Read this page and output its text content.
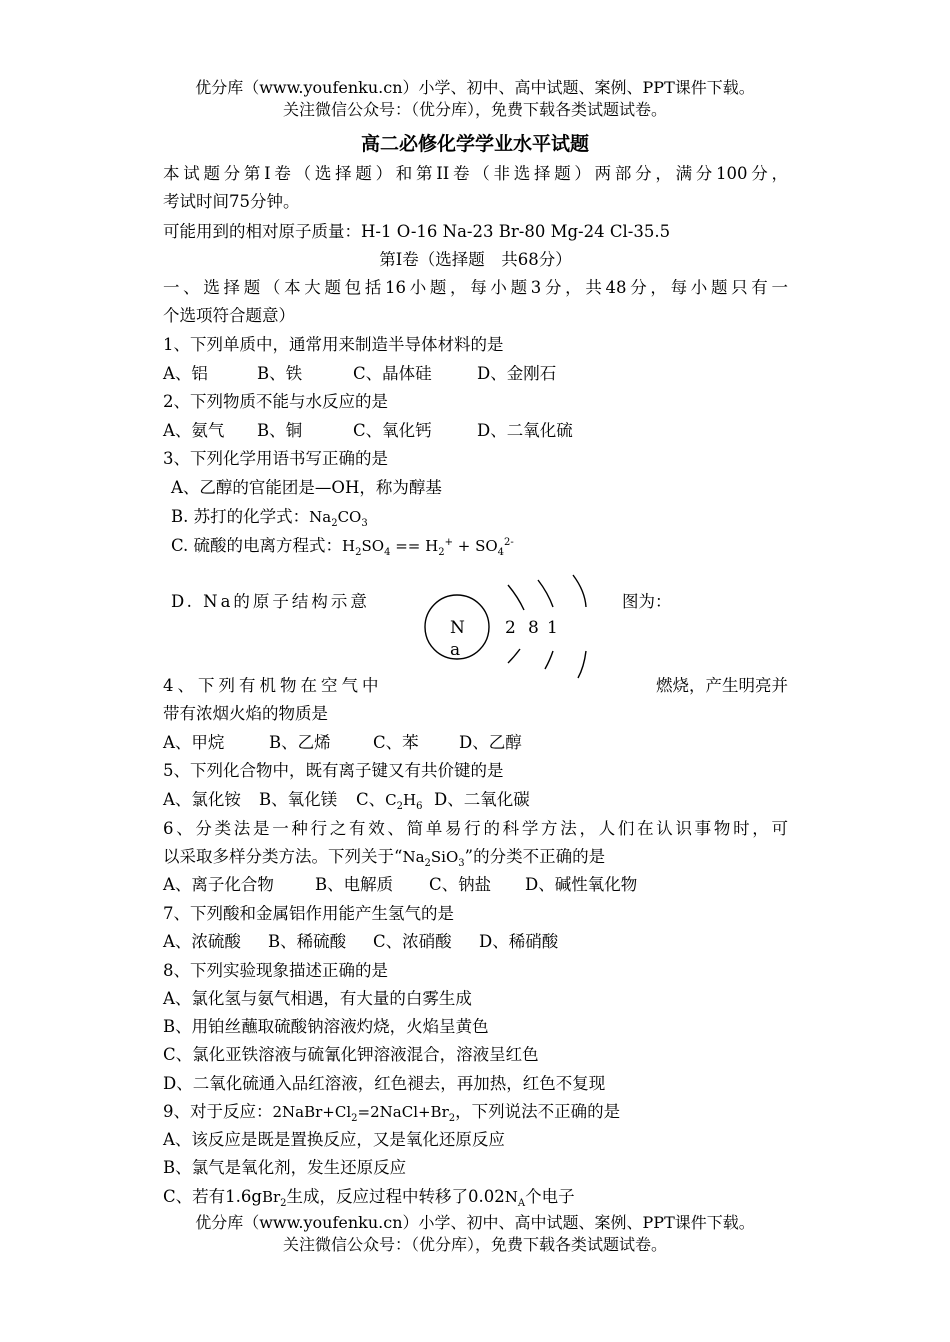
优分库（www.youfenku.cn）小学、初中、高中试题、案例、PPT课件下载。
关注微信公众号：（优分库），免费下载各类试题试卷。
高二必修化学学业水平试题
本试题分第Ⅰ卷（选择题）和第II卷（非选择题）两部分，满分100分，
考试时间75分钟。
可能用到的相对原子质量：H-1 O-16 Na-23 Br-80 Mg-24 Cl-35.5
第Ⅰ卷（选择题　共68分）
一、选择题（本大题包括16小题，每小题3分，共48分，每小题只有一
个选项符合题意）
1、下列单质中，通常用来制造半导体材料的是
A、铝	B、铁	C、晶体硅	D、金刚石
2、下列物质不能与水反应的是
A、氨气 B、铜	C、氧化钙	D、二氧化硫
3、下列化学用语书写正确的是
A、乙醇的官能团是—OH，称为醇基
B. 苏打的化学式：$Na_2CO_3$
C. 硫酸的电离方程式：$H_2SO_4 == H_2^+ + SO_4^{2-}$
D. Na的原子结构示意	图为：
N
a
2 8 1
4、下列有机物在空气中	燃烧，产生明亮并
带有浓烟火焰的物质是
A、甲烷	B、乙烯	C、苯 D、乙醇
5、下列化合物中，既有离子键又有共价键的是
A、氯化铵 B、氧化镁 C、$C_2H_6$ D、二氧化碳
6、分类法是一种行之有效、简单易行的科学方法，人们在认识事物时，可
以采取多样分类方法。下列关于“$Na_2SiO_3$”的分类不正确的是
A、离子化合物 B、电解质 C、钠盐 D、碱性氧化物
7、下列酸和金属铝作用能产生氢气的是
A、浓硫酸 B、稀硫酸 C、浓硝酸 D、稀硝酸
8、下列实验现象描述正确的是
A、氯化氢与氨气相遇，有大量的白雾生成
B、用铂丝蘸取硫酸钠溶液灼烧，火焰呈黄色
C、氯化亚铁溶液与硫氰化钾溶液混合，溶液呈红色
D、二氧化硫通入品红溶液，红色褪去，再加热，红色不复现
9、对于反应：$2NaBr+Cl_2=2NaCl+Br_2$，下列说法不正确的是
A、该反应是既是置换反应，又是氧化还原反应
B、氯气是氧化剂，发生还原反应
C、若有1.6gBr$_2$生成，反应过程中转移了$0.02N_A$个电子
优分库（www.youfenku.cn）小学、初中、高中试题、案例、PPT课件下载。
关注微信公众号：（优分库），免费下载各类试题试卷。
